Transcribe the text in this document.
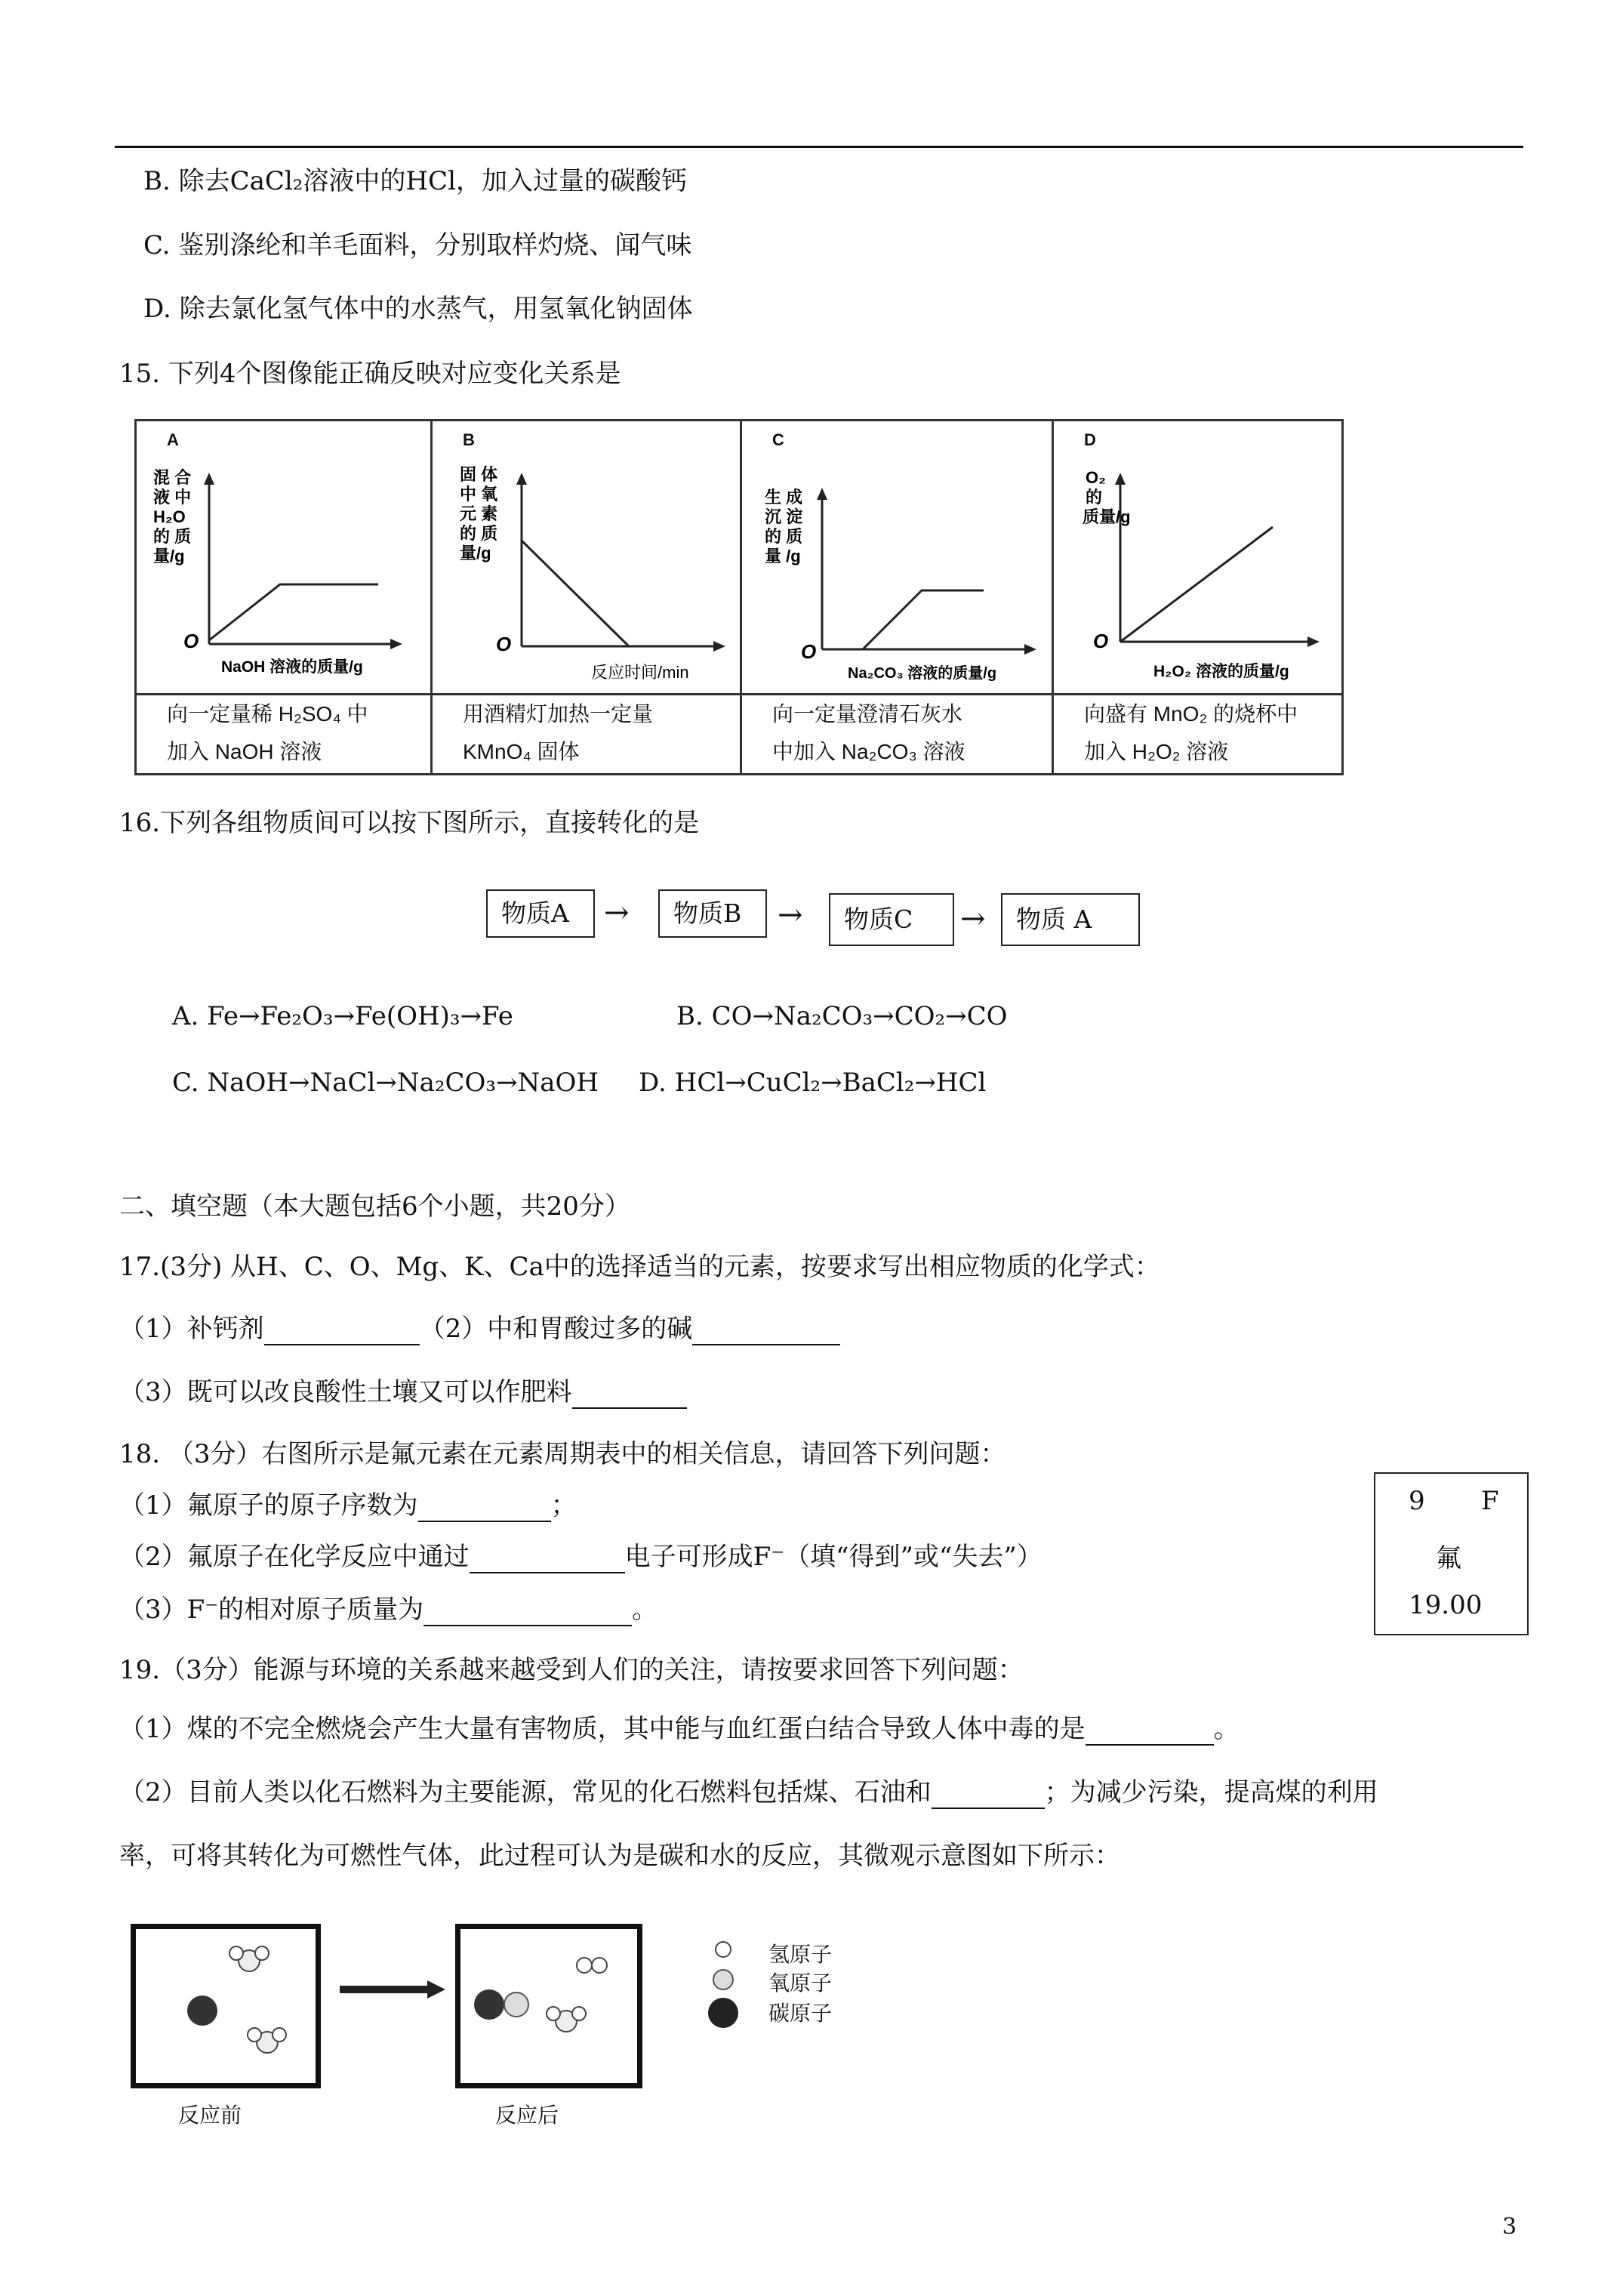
B. 除去CaCl₂溶液中的HCl，加入过量的碳酸钙
C. 鉴别涤纶和羊毛面料，分别取样灼烧、闻气味
D. 除去氯化氢气体中的水蒸气，用氢氧化钠固体
15. 下列4个图像能正确反映对应变化关系是
A
混 合
液 中
H₂O
的 质
量/g
O
NaOH 溶液的质量/g
向一定量稀 H₂SO₄ 中
加入 NaOH 溶液
B
固 体
中 氧
元 素
的 质
量/g
O
反应时间/min
用酒精灯加热一定量
KMnO₄ 固体
C
生 成
沉 淀
的 质
量 /g
O
Na₂CO₃ 溶液的质量/g
向一定量澄清石灰水
中加入 Na₂CO₃ 溶液
D
O₂
的
质量/g
O
H₂O₂ 溶液的质量/g
向盛有 MnO₂ 的烧杯中
加入 H₂O₂ 溶液
16.下列各组物质间可以按下图所示，直接转化的是
物质A	→	物质B	→	物质C	→	物质 A
A. Fe→Fe₂O₃→Fe(OH)₃→Fe	B. CO→Na₂CO₃→CO₂→CO
C. NaOH→NaCl→Na₂CO₃→NaOH D. HCl→CuCl₂→BaCl₂→HCl
二、填空题（本大题包括6个小题，共20分）
17.(3分) 从H、C、O、Mg、K、Ca中的选择适当的元素，按要求写出相应物质的化学式：
（1）补钙剂	（2）中和胃酸过多的碱
（3）既可以改良酸性土壤又可以作肥料
18. （3分）右图所示是氟元素在元素周期表中的相关信息，请回答下列问题：
（1）氟原子的原子序数为	；
（2）氟原子在化学反应中通过	电子可形成F⁻（填“得到”或“失去”）
（3）F⁻的相对原子质量为	。
9 F
氟
19.00
19.（3分）能源与环境的关系越来越受到人们的关注，请按要求回答下列问题：
（1）煤的不完全燃烧会产生大量有害物质，其中能与血红蛋白结合导致人体中毒的是	。
（2）目前人类以化石燃料为主要能源，常见的化石燃料包括煤、石油和	；为减少污染，提高煤的利用
率，可将其转化为可燃性气体，此过程可认为是碳和水的反应，其微观示意图如下所示：
反应前	反应后
氢原子
氧原子
碳原子
3
